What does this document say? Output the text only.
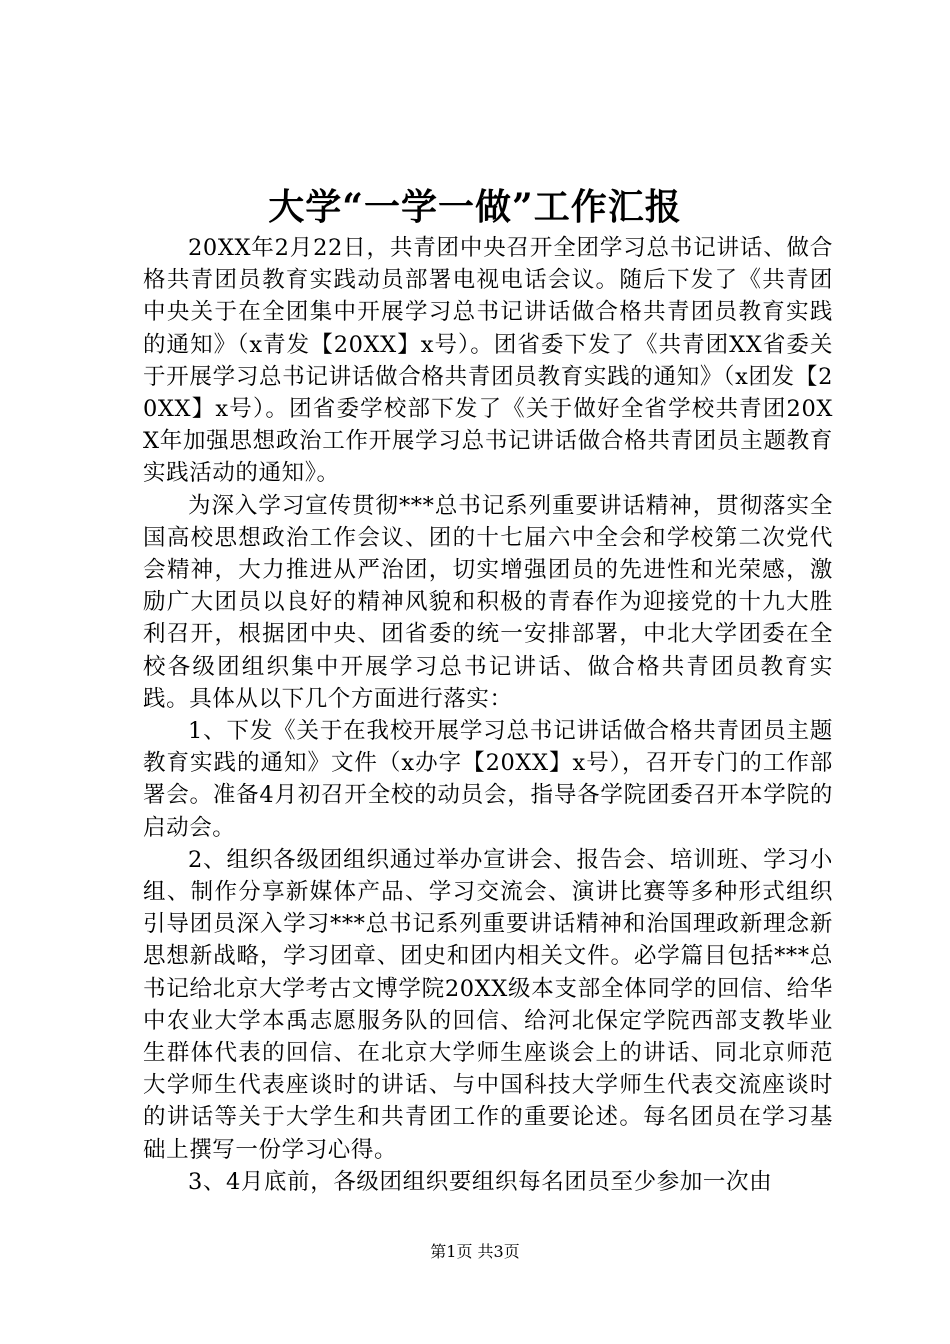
大学“一学一做”工作汇报

20XX年2月22日，共青团中央召开全团学习总书记讲话、做合格共青团员教育实践动员部署电视电话会议。随后下发了《共青团中央关于在全团集中开展学习总书记讲话做合格共青团员教育实践的通知》（x青发【20XX】x号）。团省委下发了《共青团XX省委关于开展学习总书记讲话做合格共青团员教育实践的通知》（x团发【20XX】x号）。团省委学校部下发了《关于做好全省学校共青团20XX年加强思想政治工作开展学习总书记讲话做合格共青团员主题教育实践活动的通知》。

为深入学习宣传贯彻***总书记系列重要讲话精神，贯彻落实全国高校思想政治工作会议、团的十七届六中全会和学校第二次党代会精神，大力推进从严治团，切实增强团员的先进性和光荣感，激励广大团员以良好的精神风貌和积极的青春作为迎接党的十九大胜利召开，根据团中央、团省委的统一安排部署，中北大学团委在全校各级团组织集中开展学习总书记讲话、做合格共青团员教育实践。具体从以下几个方面进行落实：

1、下发《关于在我校开展学习总书记讲话做合格共青团员主题教育实践的通知》文件（x办字【20XX】x号），召开专门的工作部署会。准备4月初召开全校的动员会，指导各学院团委召开本学院的启动会。

2、组织各级团组织通过举办宣讲会、报告会、培训班、学习小组、制作分享新媒体产品、学习交流会、演讲比赛等多种形式组织引导团员深入学习***总书记系列重要讲话精神和治国理政新理念新思想新战略，学习团章、团史和团内相关文件。必学篇目包括***总书记给北京大学考古文博学院20XX级本支部全体同学的回信、给华中农业大学本禹志愿服务队的回信、给河北保定学院西部支教毕业生群体代表的回信、在北京大学师生座谈会上的讲话、同北京师范大学师生代表座谈时的讲话、与中国科技大学师生代表交流座谈时的讲话等关于大学生和共青团工作的重要论述。每名团员在学习基础上撰写一份学习心得。

3、4月底前，各级团组织要组织每名团员至少参加一次由

第1页 共3页
